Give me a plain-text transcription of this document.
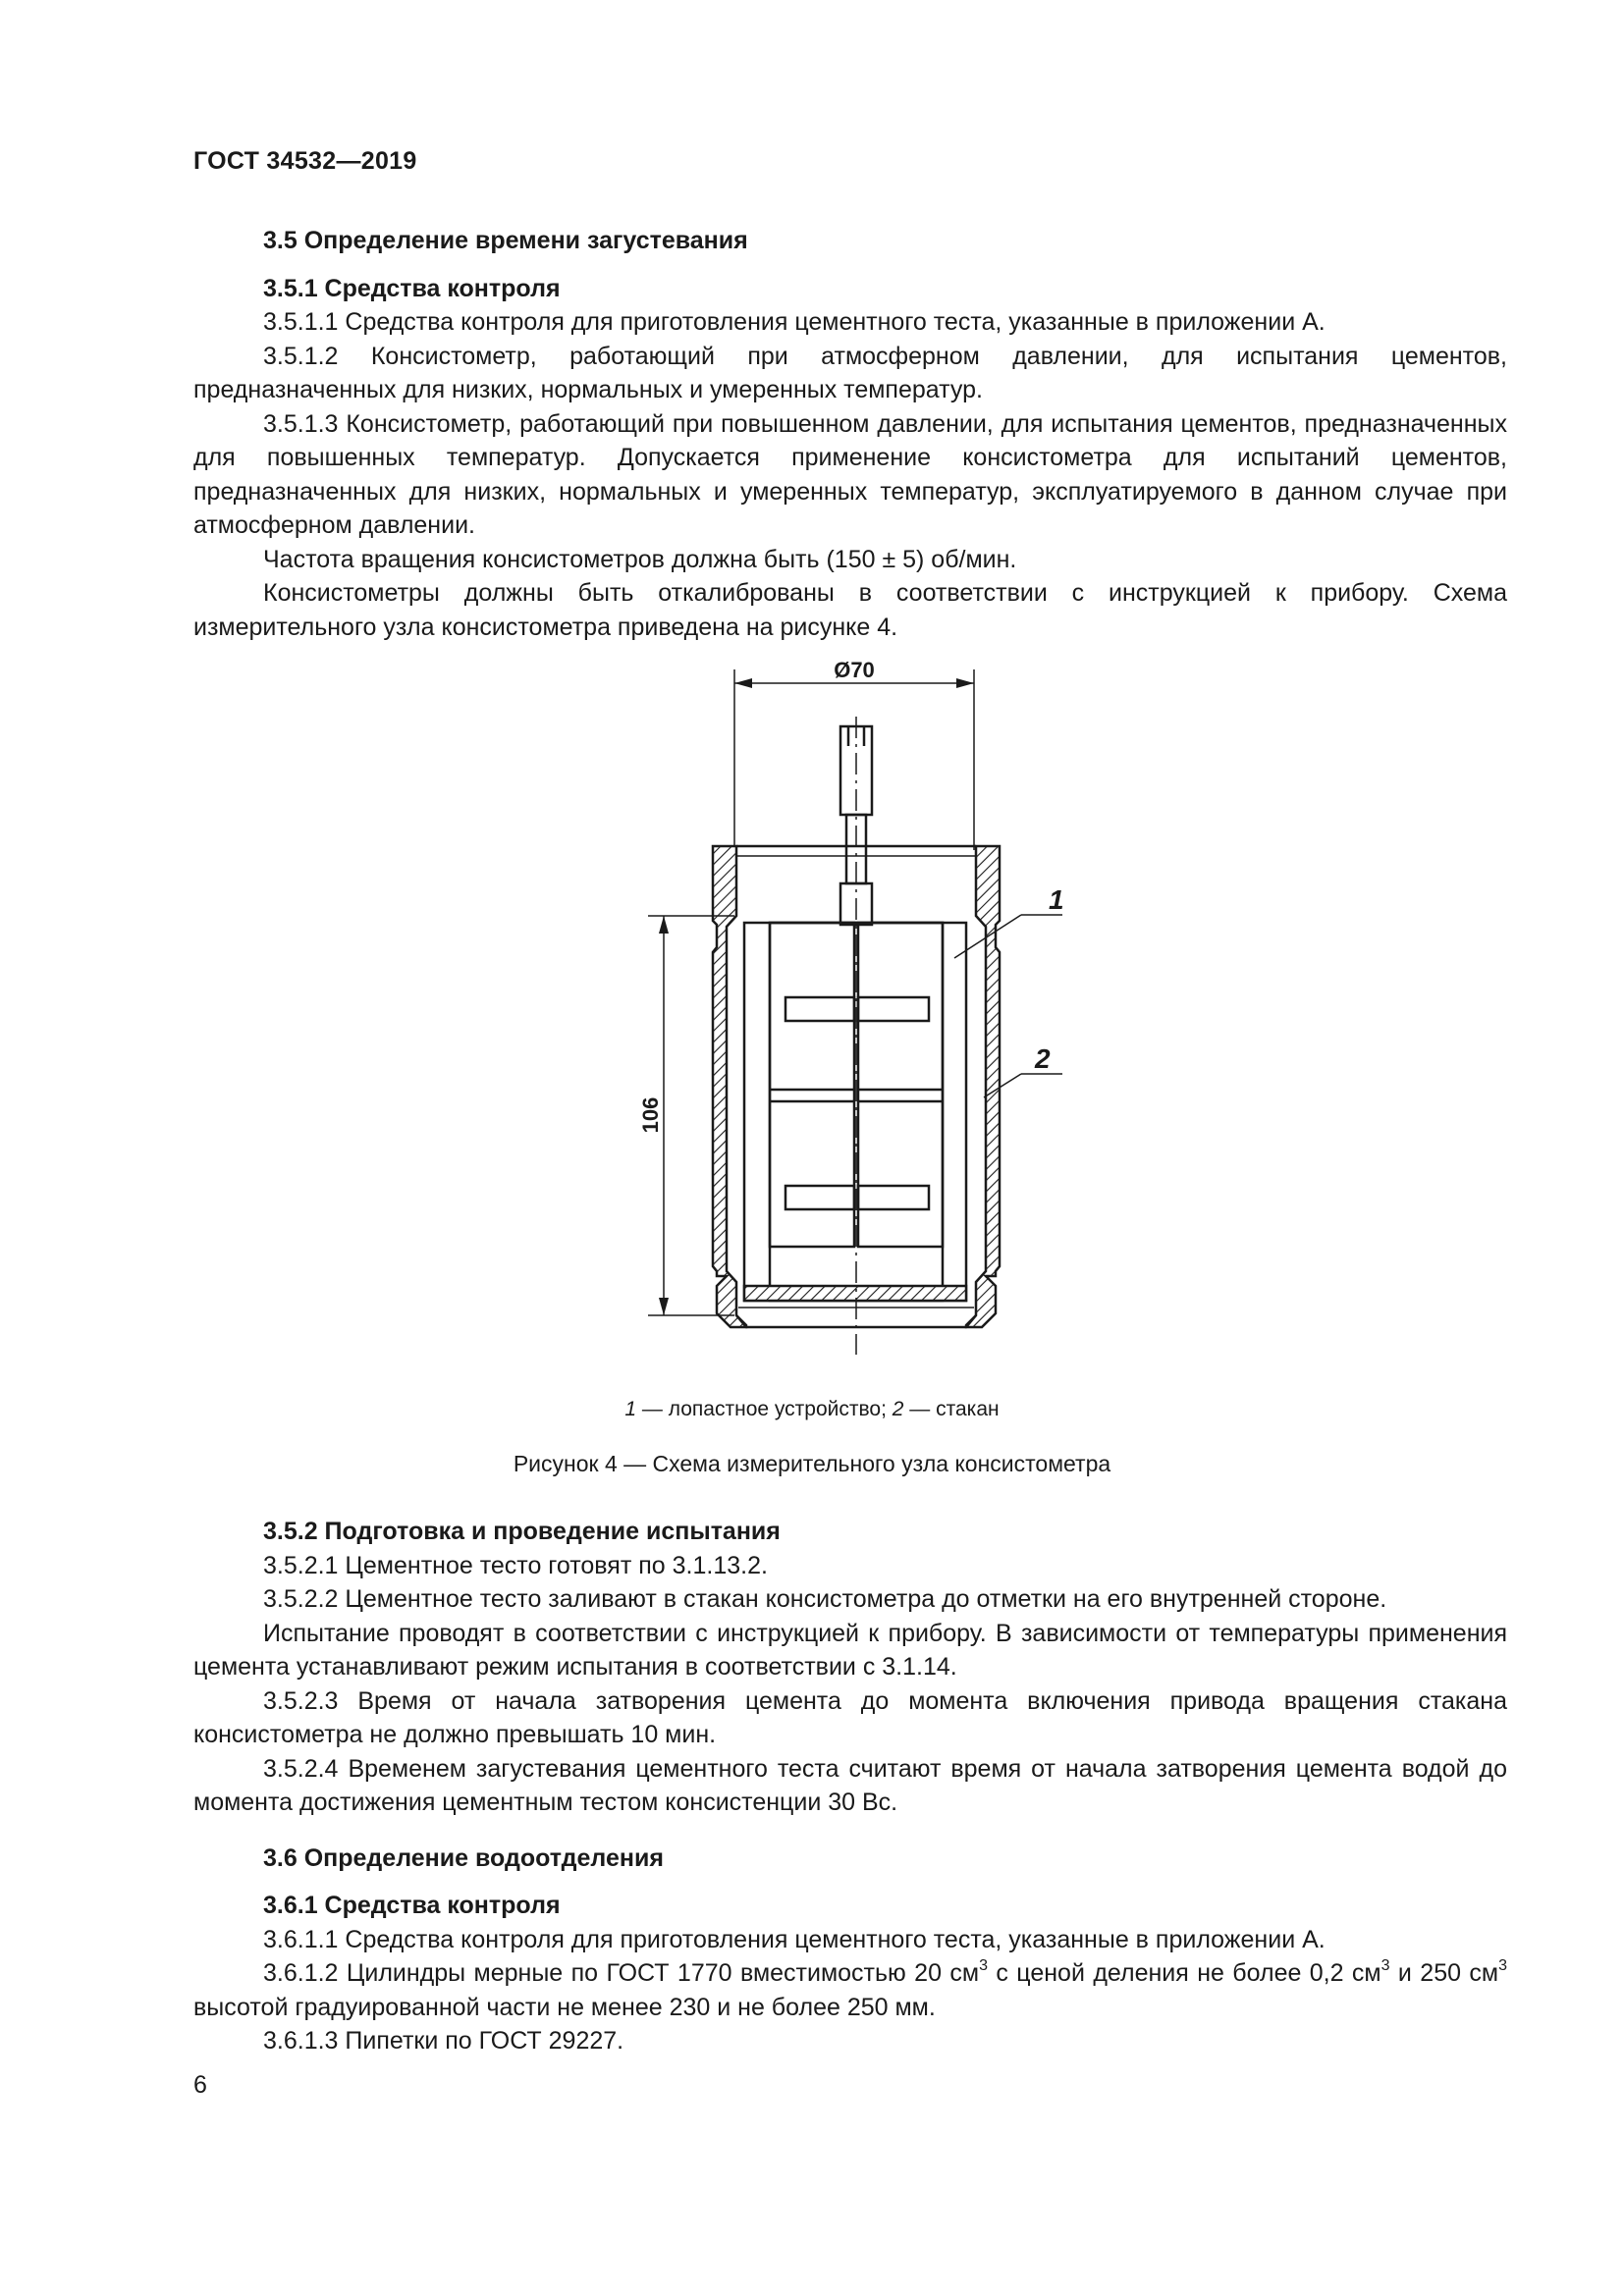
ГОСТ 34532—2019

3.5 Определение времени загустевания

3.5.1 Средства контроля

3.5.1.1 Средства контроля для приготовления цементного теста, указанные в приложении А.

3.5.1.2 Консистометр, работающий при атмосферном давлении, для испытания цементов, предназначенных для низких, нормальных и умеренных температур.

3.5.1.3 Консистометр, работающий при повышенном давлении, для испытания цементов, предназначенных для повышенных температур. Допускается применение консистометра для испытаний цементов, предназначенных для низких, нормальных и умеренных температур, эксплуатируемого в данном случае при атмосферном давлении.

Частота вращения консистометров должна быть (150 ± 5) об/мин.

Консистометры должны быть откалиброваны в соответствии с инструкцией к прибору. Схема измерительного узла консистометра приведена на рисунке 4.

Ø70
106
1
2
1 — лопастное устройство; 2 — стакан
Рисунок 4 — Схема измерительного узла консистометра

3.5.2 Подготовка и проведение испытания

3.5.2.1 Цементное тесто готовят по 3.1.13.2.

3.5.2.2 Цементное тесто заливают в стакан консистометра до отметки на его внутренней стороне.

Испытание проводят в соответствии с инструкцией к прибору. В зависимости от температуры применения цемента устанавливают режим испытания в соответствии с 3.1.14.

3.5.2.3 Время от начала затворения цемента до момента включения привода вращения стакана консистометра не должно превышать 10 мин.

3.5.2.4 Временем загустевания цементного теста считают время от начала затворения цемента водой до момента достижения цементным тестом консистенции 30 Вс.

3.6 Определение водоотделения

3.6.1 Средства контроля

3.6.1.1 Средства контроля для приготовления цементного теста, указанные в приложении А.

3.6.1.2 Цилиндры мерные по ГОСТ 1770 вместимостью 20 $см^3$ с ценой деления не более 0,2 $см^3$ и 250 $см^3$ высотой градуированной части не менее 230 и не более 250 мм.

3.6.1.3 Пипетки по ГОСТ 29227.

6
